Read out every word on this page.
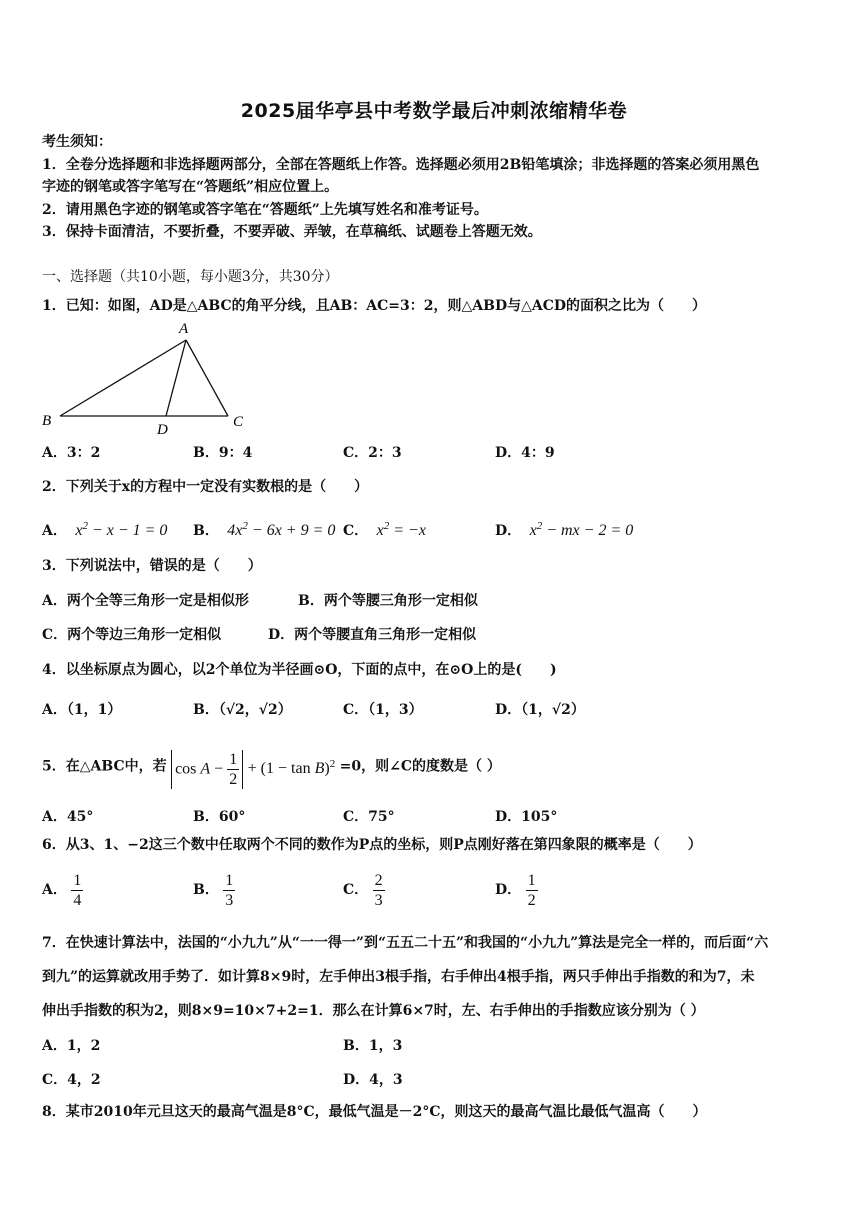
2025届华亭县中考数学最后冲刺浓缩精华卷
考生须知：
1．全卷分选择题和非选择题两部分，全部在答题纸上作答。选择题必须用2B铅笔填涂；非选择题的答案必须用黑色
字迹的钢笔或答字笔写在“答题纸”相应位置上。
2．请用黑色字迹的钢笔或答字笔在“答题纸”上先填写姓名和准考证号。
3．保持卡面清洁，不要折叠，不要弄破、弄皱，在草稿纸、试题卷上答题无效。
一、选择题（共10小题，每小题3分，共30分）
1．已知：如图，AD是△ABC的角平分线，且AB：AC=3：2，则△ABD与△ACD的面积之比为（　　）
A
B	C
D
A．3：2	B．9：4	C．2：3	D．4：9
2．下列关于x的方程中一定没有实数根的是（　　）
A．  $x^2 - x - 1 = 0$ B．  $4x^2 - 6x + 9 = 0$ C．  $x^2 = -x$	D．  $x^2$ − mx − 2 = 0
3．下列说法中，错误的是（　　）
A．两个全等三角形一定是相似形	B．两个等腰三角形一定相似
C．两个等边三角形一定相似	D．两个等腰直角三角形一定相似
4．以坐标原点为圆心，以2个单位为半径画⊙O，下面的点中，在⊙O上的是(　　)
A．（1，1）	B．（√2，√2）	C．（1，3）	D．（1，√2）
5．在△ABC中，若 $\cos A - \frac{1}{2} + (1 - \tan B)^2 =0$，则∠C的度数是（ ）
A．45°	B．60°	C．75°	D．105°
6．从3、1、−2这三个数中任取两个不同的数作为P点的坐标，则P点刚好落在第四象限的概率是（　　）
A． $\frac{1}{4}$	B． $\frac{1}{3}$	C． $\frac{2}{3}$	D． $\frac{1}{2}$
7．在快速计算法中，法国的“小九九”从“一一得一”到“五五二十五”和我国的“小九九”算法是完全一样的，而后面“六
到九”的运算就改用手势了．如计算8×9时，左手伸出3根手指，右手伸出4根手指，两只手伸出手指数的和为7，未
伸出手指数的积为2，则8×9=10×7+2=1．那么在计算6×7时，左、右手伸出的手指数应该分别为（ ）
A．1，2	B．1，3
C．4，2	D．4，3
8．某市2010年元旦这天的最高气温是8°C，最低气温是－2°C，则这天的最高气温比最低气温高（　　）
